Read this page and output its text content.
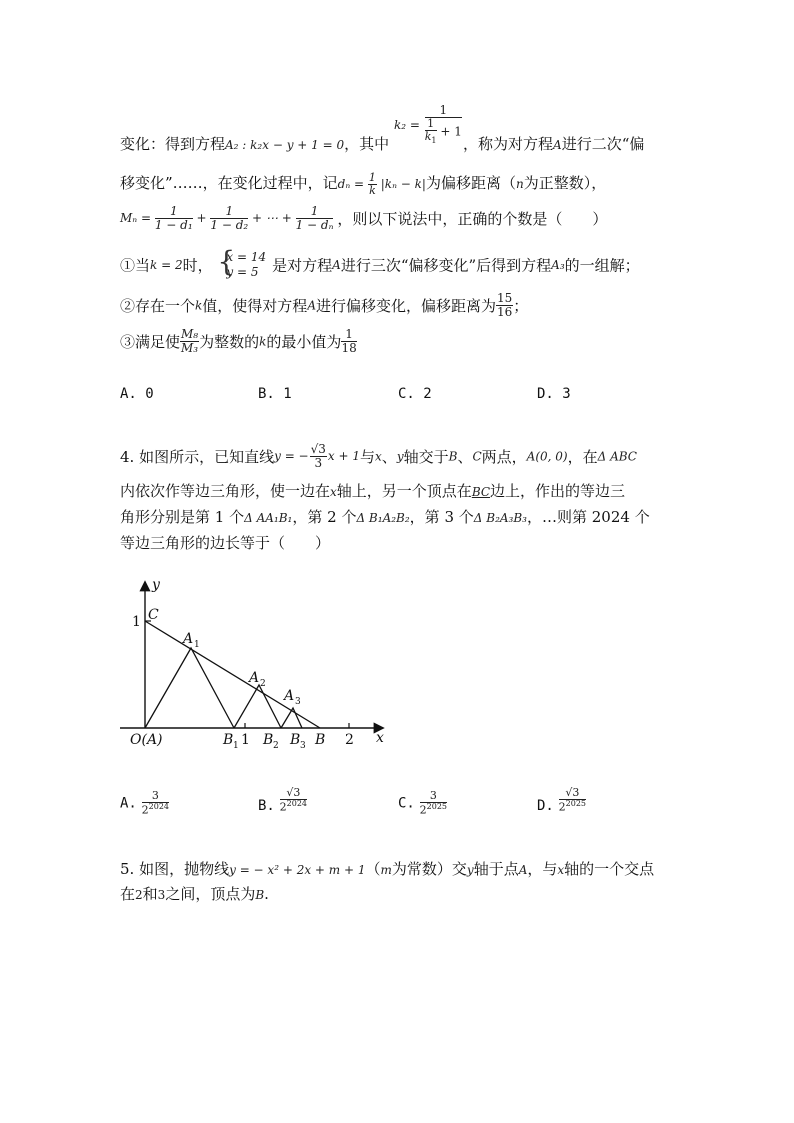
$k_2 = \frac{1}{\frac{1}{k_1} + 1}$
变化：得到方程A₂ : k₂x − y + 1 = 0，其中	，称为对方程A进行二次“偏
移变化”……，在变化过程中，记$d_n = \frac{1}{k} |k_n - k|$为偏移距离（n为正整数），
$M_n = \frac{1}{\text{1 − d₁}} + \frac{1}{\text{1 − d₂}}$ + ⋯ + $\frac{1}{\text{1 − dₙ}}$ ，则以下说法中，正确的个数是（　　）
①当k = 2时， {
x = 14
y = 5 是对方程A进行三次“偏移变化”后得到方程A₃的一组解；
②存在一个k值，使得对方程A进行偏移变化，偏移距离为 $\frac{15}{16}$ ；
③满足使 $\frac{\text{M₈}}{\text{M₃}}$ 为整数的k的最小值为 $\frac{1}{18}$
A. 0	B. 1	C. 2	D. 3
4. 如图所示，已知直线y = − $\frac{√3}{3}$ x + 1与x、y轴交于B、C两点，A(0, 0)，在Δ ABC
内依次作等边三角形，使一边在x轴上，另一个顶点在BC边上，作出的等边三
角形分别是第 1 个Δ AA₁B₁，第 2 个Δ B₁A₂B₂，第 3 个Δ B₂A₃B₃，…则第 2024 个
等边三角形的边长等于（　　）
y
x
C
A
A
A
O(A)	B B B B
1
2
3
1	2 3
1
1	2
A. $\frac{3}{2^{2024}}$	B. $\frac{√3}{2^{2024}}$	C. $\frac{3}{2^{2025}}$	D. $\frac{√3}{2^{2025}}$
5. 如图，抛物线y = − x² + 2x + m + 1（m为常数）交y轴于点A，与x轴的一个交点
在2和3之间，顶点为B.
